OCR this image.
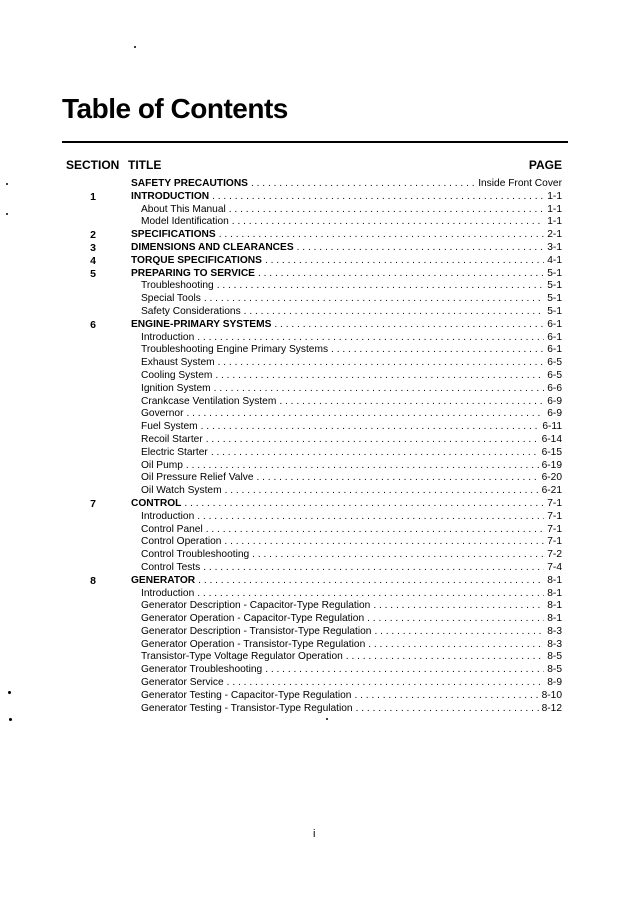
Table of Contents
SECTION TITLE	PAGE
SAFETY PRECAUTIONS . . .	Inside Front Cover
1	INTRODUCTION . . .	1-1
About This Manual . . .	1-1
Model Identification . . .	1-1
2	SPECIFICATIONS . . .	2-1
3	DIMENSIONS AND CLEARANCES . . .	3-1
4	TORQUE SPECIFICATIONS . . .	4-1
5	PREPARING TO SERVICE . . .	5-1
Troubleshooting . . .	5-1
Special Tools . . .	5-1
Safety Considerations . . .	5-1
6	ENGINE-PRIMARY SYSTEMS . . .	6-1
Introduction . . .	6-1
Troubleshooting Engine Primary Systems . . .	6-1
Exhaust System . . .	6-5
Cooling System . . .	6-5
Ignition System . . .	6-6
Crankcase Ventilation System . . .	6-9
Governor . . .	6-9
Fuel System . . .	6-11
Recoil Starter . . .	6-14
Electric Starter . . .	6-15
Oil Pump . . .	6-19
Oil Pressure Relief Valve . . .	6-20
Oil Watch System . . .	6-21
7	CONTROL . . .	7-1
Introduction . . .	7-1
Control Panel . . .	7-1
Control Operation . . .	7-1
Control Troubleshooting . . .	7-2
Control Tests . . .	7-4
8	GENERATOR . . .	8-1
Introduction . . .	8-1
Generator Description - Capacitor-Type Regulation . . .	8-1
Generator Operation - Capacitor-Type Regulation . . .	8-1
Generator Description - Transistor-Type Regulation . . .	8-3
Generator Operation - Transistor-Type Regulation . . .	8-3
Transistor-Type Voltage Regulator Operation . . .	8-5
Generator Troubleshooting . . .	8-5
Generator Service . . .	8-9
Generator Testing - Capacitor-Type Regulation . . .	8-10
Generator Testing - Transistor-Type Regulation . . .	8-12
i
